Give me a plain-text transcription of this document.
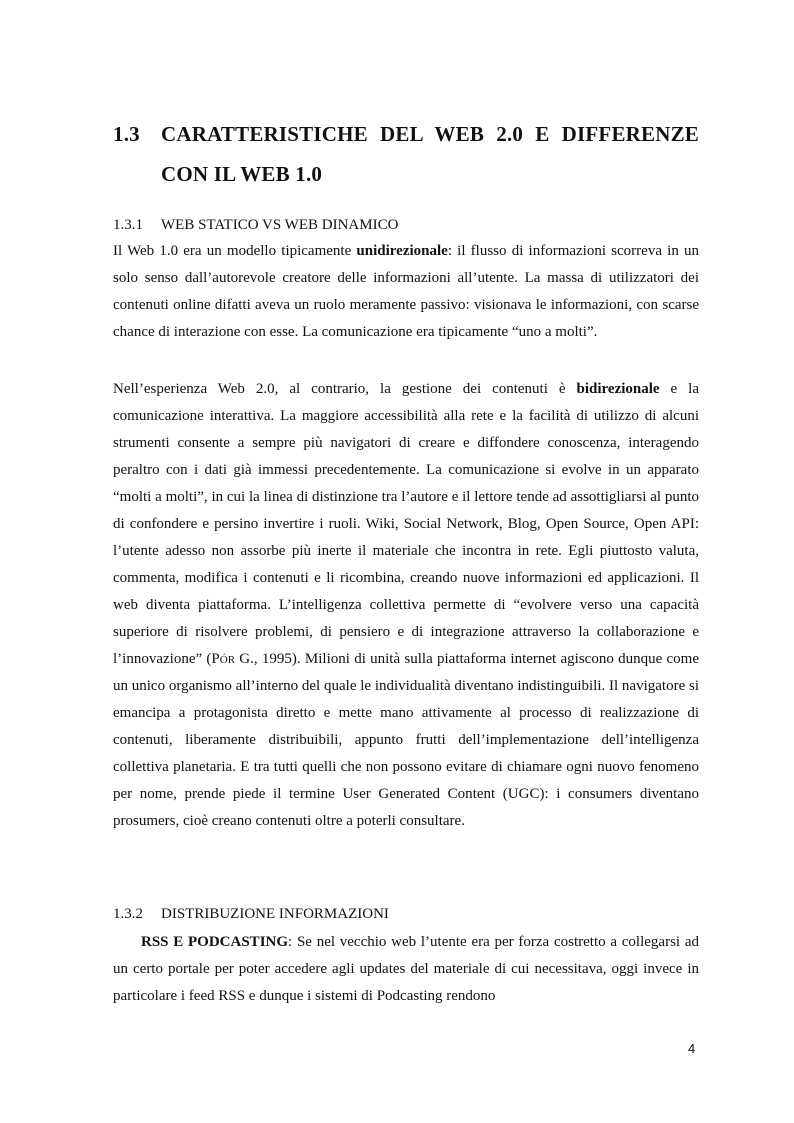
1.3 CARATTERISTICHE DEL WEB 2.0 E DIFFERENZE CON IL WEB 1.0
1.3.1 WEB STATICO VS WEB DINAMICO
Il Web 1.0 era un modello tipicamente unidirezionale: il flusso di informazioni scorreva in un solo senso dall’autorevole creatore delle informazioni all’utente. La massa di utilizzatori dei contenuti online difatti aveva un ruolo meramente passivo: visionava le informazioni, con scarse chance di interazione con esse. La comunicazione era tipicamente “uno a molti”.
Nell’esperienza Web 2.0, al contrario, la gestione dei contenuti è bidirezionale e la comunicazione interattiva. La maggiore accessibilità alla rete e la facilità di utilizzo di alcuni strumenti consente a sempre più navigatori di creare e diffondere conoscenza, interagendo peraltro con i dati già immessi precedentemente. La comunicazione si evolve in un apparato “molti a molti”, in cui la linea di distinzione tra l’autore e il lettore tende ad assottigliarsi al punto di confondere e persino invertire i ruoli. Wiki, Social Network, Blog, Open Source, Open API: l’utente adesso non assorbe più inerte il materiale che incontra in rete. Egli piuttosto valuta, commenta, modifica i contenuti e li ricombina, creando nuove informazioni ed applicazioni. Il web diventa piattaforma. L’intelligenza collettiva permette di “evolvere verso una capacità superiore di risolvere problemi, di pensiero e di integrazione attraverso la collaborazione e l’innovazione” (Pór G., 1995). Milioni di unità sulla piattaforma internet agiscono dunque come un unico organismo all’interno del quale le individualità diventano indistinguibili. Il navigatore si emancipa a protagonista diretto e mette mano attivamente al processo di realizzazione di contenuti, liberamente distribuibili, appunto frutti dell’implementazione dell’intelligenza collettiva planetaria. E tra tutti quelli che non possono evitare di chiamare ogni nuovo fenomeno per nome, prende piede il termine User Generated Content (UGC): i consumers diventano prosumers, cioè creano contenuti oltre a poterli consultare.
1.3.2 DISTRIBUZIONE INFORMAZIONI
RSS E PODCASTING: Se nel vecchio web l’utente era per forza costretto a collegarsi ad un certo portale per poter accedere agli updates del materiale di cui necessitava, oggi invece in particolare i feed RSS e dunque i sistemi di Podcasting rendono
4
